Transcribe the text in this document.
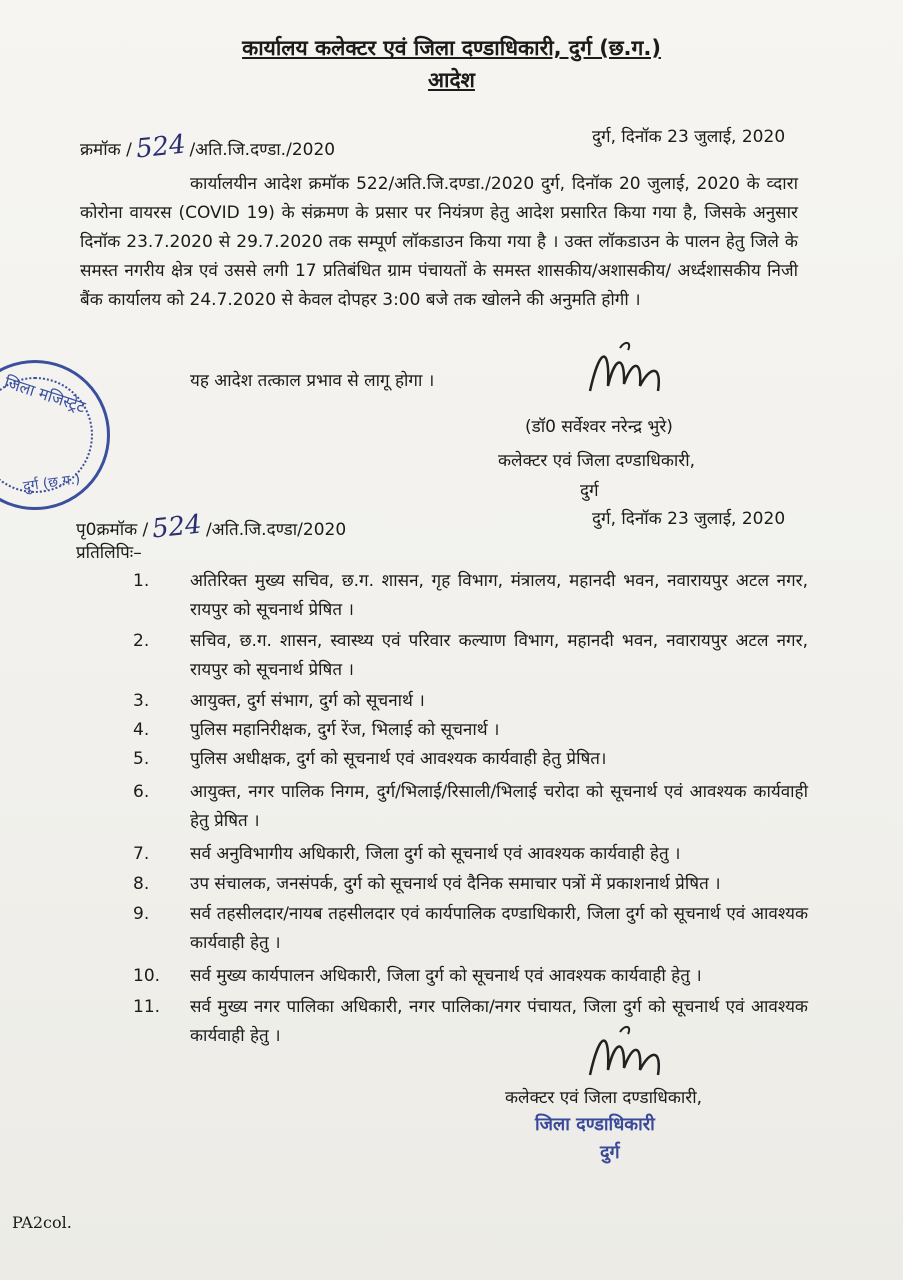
कार्यालय कलेक्टर एवं जिला दण्डाधिकारी, दुर्ग (छ.ग.)
आदेश
क्रमॉक /524 /अति.जि.दण्डा./2020
दुर्ग, दिनॉक 23 जुलाई, 2020
कार्यालयीन आदेश क्रमॉक 522/अति.जि.दण्डा./2020 दुर्ग, दिनॉक 20 जुलाई, 2020 के व्दारा कोरोना वायरस (COVID 19) के संक्रमण के प्रसार पर नियंत्रण हेतु आदेश प्रसारित किया गया है, जिसके अनुसार दिनॉक 23.7.2020 से 29.7.2020 तक सम्पूर्ण लॉकडाउन किया गया है । उक्त लॉकडाउन के पालन हेतु जिले के समस्त नगरीय क्षेत्र एवं उससे लगी 17 प्रतिबंधित ग्राम पंचायतों के समस्त शासकीय/अशासकीय/ अर्ध्दशासकीय निजी बैंक कार्यालय को 24.7.2020 से केवल दोपहर 3:00 बजे तक खोलने की अनुमति होगी ।
यह आदेश तत्काल प्रभाव से लागू होगा ।
(डॉ0 सर्वेश्वर नरेन्द्र भुरे)
कलेक्टर एवं जिला दण्डाधिकारी,
दुर्ग
जिला मजिस्ट्रेट
दुर्ग (छ.ग.)
पृ0क्रमॉक /524 /अति.जि.दण्डा/2020
दुर्ग, दिनॉक 23 जुलाई, 2020
प्रतिलिपिः–
1.	अतिरिक्त मुख्य सचिव, छ.ग. शासन, गृह विभाग, मंत्रालय, महानदी भवन, नवारायपुर अटल नगर, रायपुर को सूचनार्थ प्रेषित ।
2.	सचिव, छ.ग. शासन, स्वास्थ्य एवं परिवार कल्याण विभाग, महानदी भवन, नवारायपुर अटल नगर, रायपुर को सूचनार्थ प्रेषित ।
3.	आयुक्त, दुर्ग संभाग, दुर्ग को सूचनार्थ ।
4.	पुलिस महानिरीक्षक, दुर्ग रेंज, भिलाई को सूचनार्थ ।
5.	पुलिस अधीक्षक, दुर्ग को सूचनार्थ एवं आवश्यक कार्यवाही हेतु प्रेषित।
6.	आयुक्त, नगर पालिक निगम, दुर्ग/भिलाई/रिसाली/भिलाई चरोदा को सूचनार्थ एवं आवश्यक कार्यवाही हेतु प्रेषित ।
7.	सर्व अनुविभागीय अधिकारी, जिला दुर्ग को सूचनार्थ एवं आवश्यक कार्यवाही हेतु ।
8.	उप संचालक, जनसंपर्क, दुर्ग को सूचनार्थ एवं दैनिक समाचार पत्रों में प्रकाशनार्थ प्रेषित ।
9.	सर्व तहसीलदार/नायब तहसीलदार एवं कार्यपालिक दण्डाधिकारी, जिला दुर्ग को सूचनार्थ एवं आवश्यक कार्यवाही हेतु ।
10. सर्व मुख्य कार्यपालन अधिकारी, जिला दुर्ग को सूचनार्थ एवं आवश्यक कार्यवाही हेतु ।
11. सर्व मुख्य नगर पालिका अधिकारी, नगर पालिका/नगर पंचायत, जिला दुर्ग को सूचनार्थ एवं आवश्यक कार्यवाही हेतु ।
कलेक्टर एवं जिला दण्डाधिकारी,
जिला दण्डाधिकारी
दुर्ग
PA2col.
